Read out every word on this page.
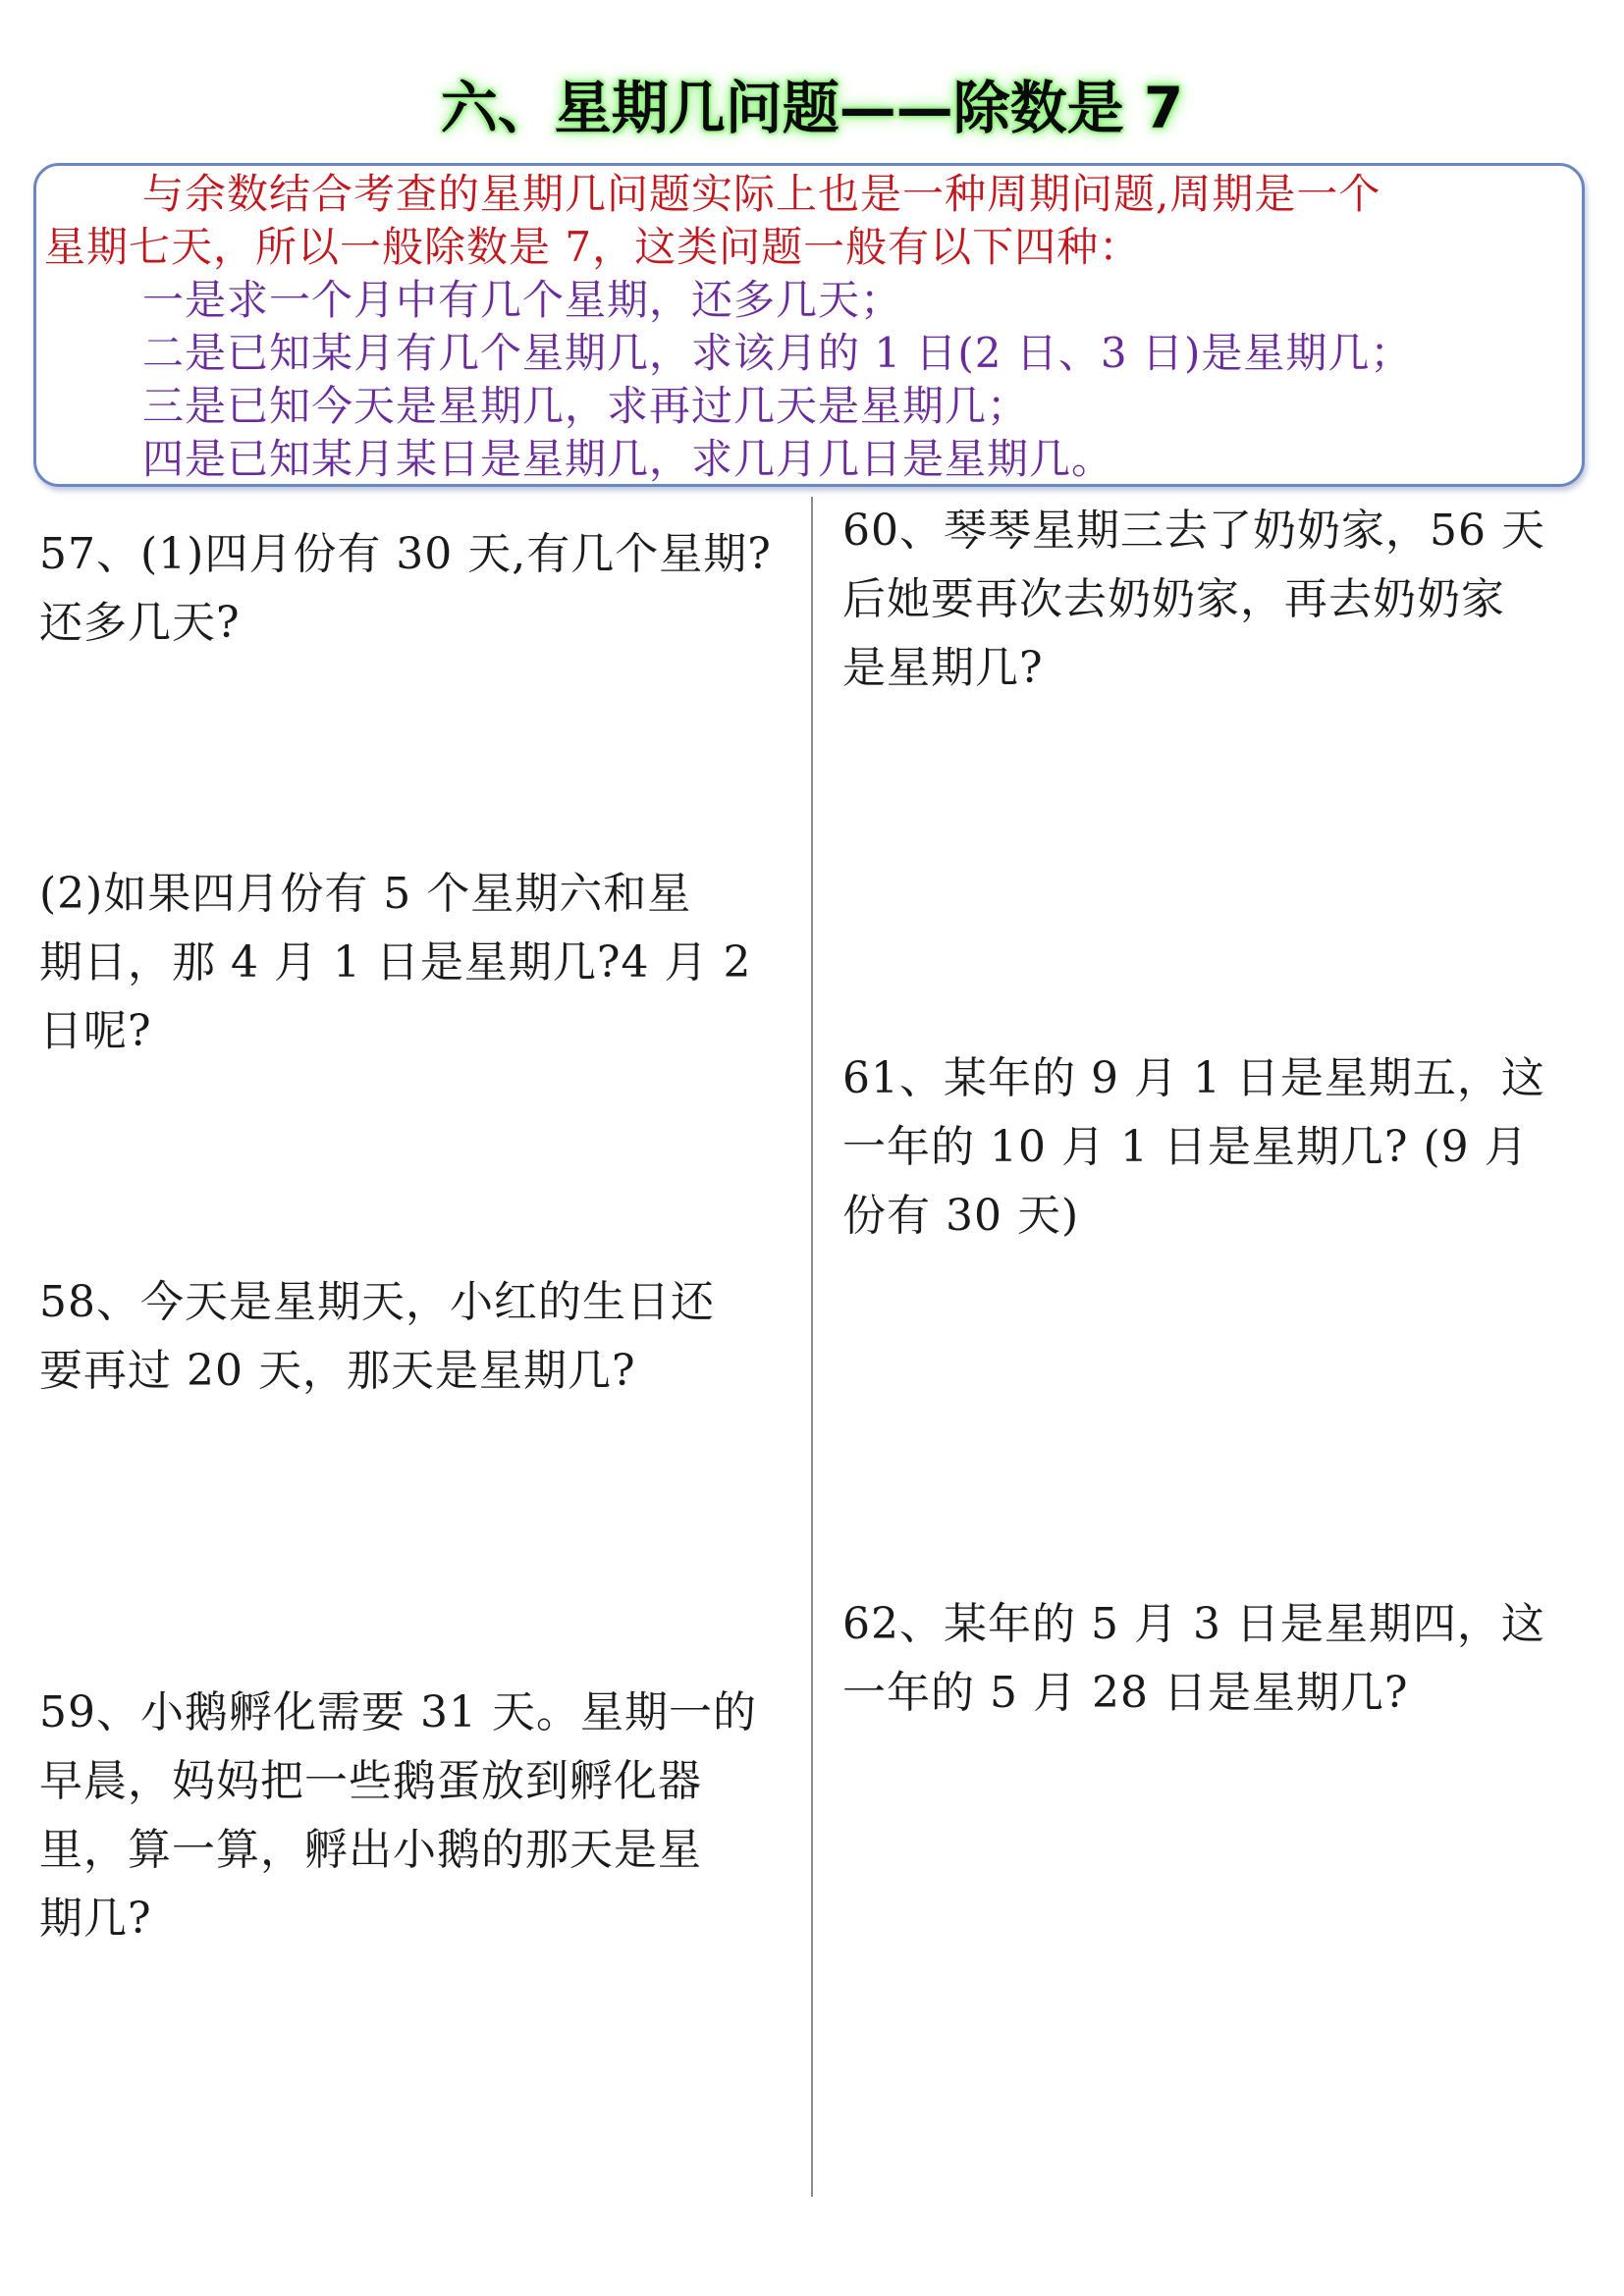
六、星期几问题——除数是 7
与余数结合考查的星期几问题实际上也是一种周期问题,周期是一个
星期七天，所以一般除数是 7，这类问题一般有以下四种：
一是求一个月中有几个星期，还多几天；
二是已知某月有几个星期几，求该月的 1 日(2 日、3 日)是星期几；
三是已知今天是星期几，求再过几天是星期几；
四是已知某月某日是星期几，求几月几日是星期几。
57、(1)四月份有 30 天,有几个星期?
还多几天?
(2)如果四月份有 5 个星期六和星
期日，那 4 月 1 日是星期几?4 月 2
日呢?
58、今天是星期天，小红的生日还
要再过 20 天，那天是星期几?
59、小鹅孵化需要 31 天。星期一的
早晨，妈妈把一些鹅蛋放到孵化器
里，算一算，孵出小鹅的那天是星
期几?
60、琴琴星期三去了奶奶家，56 天
后她要再次去奶奶家，再去奶奶家
是星期几?
61、某年的 9 月 1 日是星期五，这
一年的 10 月 1 日是星期几? (9 月
份有 30 天)
62、某年的 5 月 3 日是星期四，这
一年的 5 月 28 日是星期几?
